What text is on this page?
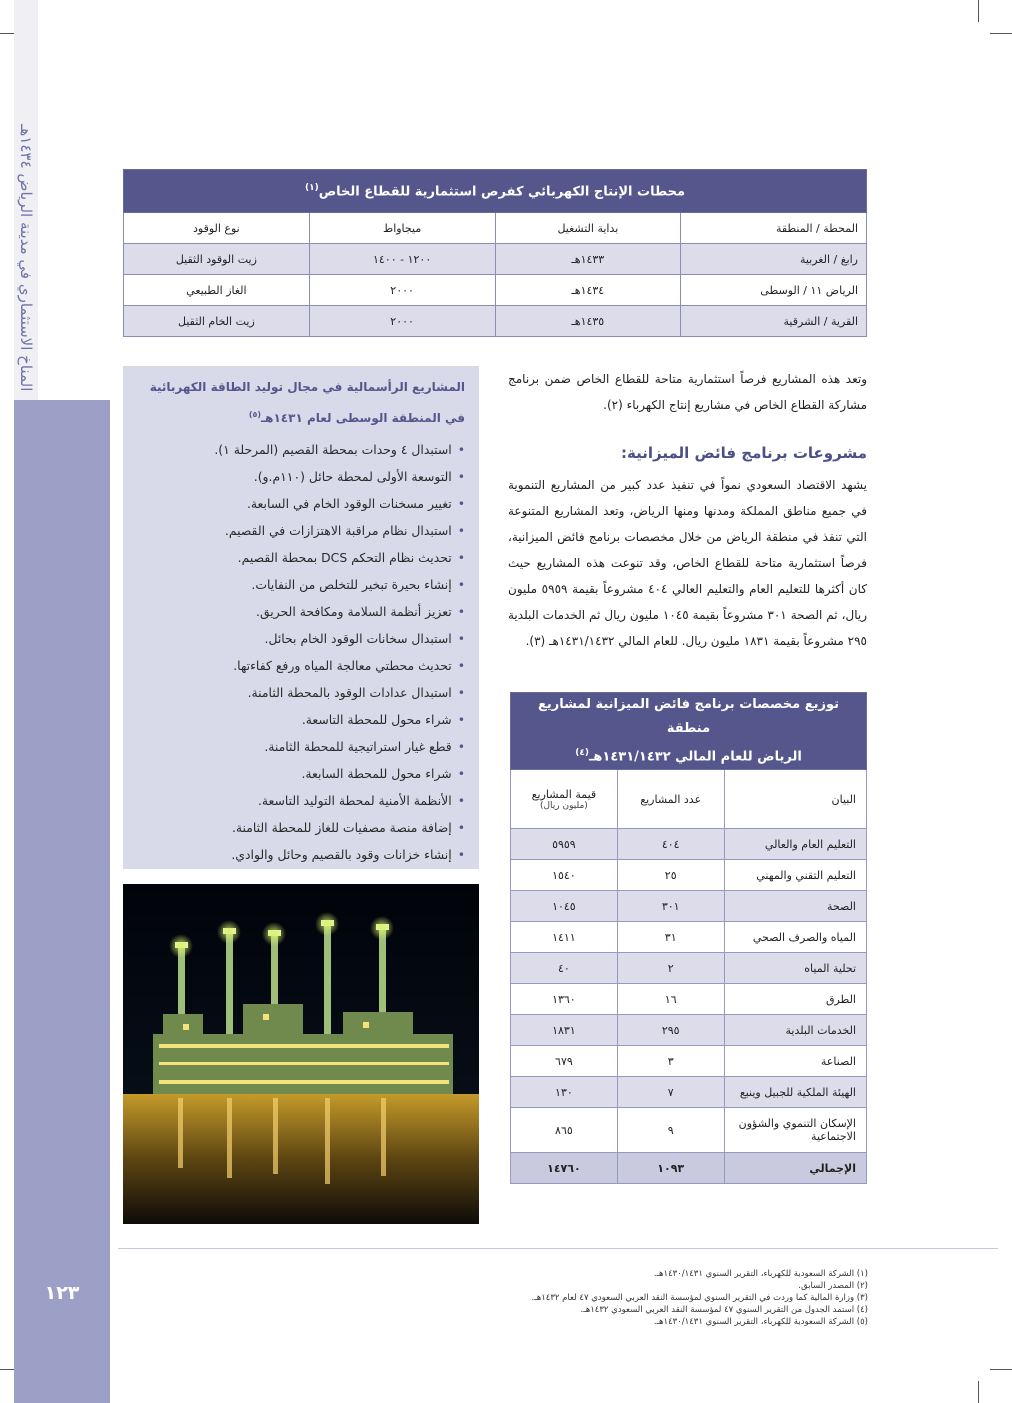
المناخ الاستثماري في مدينة الرياض ١٤٣٤هـ
١٢٣
محطات الإنتاج الكهربائي كفرص استثمارية للقطاع الخاص$^{(١)}$
المحطة / المنطقة	بداية التشغيل	ميجاواط	نوع الوقود
رابغ / الغربية	١٤٣٣هـ	١٢٠٠ - ١٤٠٠	زيت الوقود الثقيل
الرياض ١١ / الوسطى	١٤٣٤هـ	٢٠٠٠	الغاز الطبيعي
القرية / الشرقية	١٤٣٥هـ	٢٠٠٠	زيت الخام الثقيل
وتعد هذه المشاريع فرصاً استثمارية متاحة للقطاع الخاص ضمن برنامج مشاركة القطاع الخاص في مشاريع إنتاج الكهرباء (٢).
مشروعات برنامج فائض الميزانية:
يشهد الاقتصاد السعودي نمواً في تنفيذ عدد كبير من المشاريع التنموية في جميع مناطق المملكة ومدنها ومنها الرياض، وتعد المشاريع المتنوعة التي تنفذ في منطقة الرياض من خلال مخصصات برنامج فائض الميزانية، فرصاً استثمارية متاحة للقطاع الخاص، وقد تنوعت هذه المشاريع حيث كان أكثرها للتعليم العام والتعليم العالي ٤٠٤ مشروعاً بقيمة ٥٩٥٩ مليون ريال، ثم الصحة ٣٠١ مشروعاً بقيمة ١٠٤٥ مليون ريال ثم الخدمات البلدية ٢٩٥ مشروعاً بقيمة ١٨٣١ مليون ريال. للعام المالي ١٤٣١/١٤٣٢هـ (٣).
المشاريع الرأسمالية في مجال توليد الطاقة الكهربائية
في المنطقة الوسطى لعام ١٤٣١هـ$^{(٥)}$
•استبدال ٤ وحدات بمحطة القصيم (المرحلة ١).
•التوسعة الأولى لمحطة حائل (١١٠م.و).
•تغيير مسخنات الوقود الخام في السابعة.
•استبدال نظام مراقبة الاهتزازات في القصيم.
•تحديث نظام التحكم DCS بمحطة القصيم.
•إنشاء بحيرة تبخير للتخلص من النفايات.
•تعزيز أنظمة السلامة ومكافحة الحريق.
•استبدال سخانات الوقود الخام بحائل.
•تحديث محطتي معالجة المياه ورفع كفاءتها.
•استبدال عدادات الوقود بالمحطة الثامنة.
•شراء محول للمحطة التاسعة.
•قطع غيار استراتيجية للمحطة الثامنة.
•شراء محول للمحطة السابعة.
•الأنظمة الأمنية لمحطة التوليد التاسعة.
•إضافة منصة مصفيات للغاز للمحطة الثامنة.
•إنشاء خزانات وقود بالقصيم وحائل والوادي.
توزيع مخصصات برنامج فائض الميزانية لمشاريع منطقة
الرياض للعام المالي ١٤٣١/١٤٣٢هـ$^{(٤)}$

البيان	عدد المشاريع	قيمة المشاريع
(مليون ريال)

التعليم العام والعالي	٤٠٤	٥٩٥٩
التعليم التقني والمهني	٢٥	١٥٤٠
الصحة	٣٠١	١٠٤٥
المياه والصرف الصحي	٣١	١٤١١
تحلية المياه	٢	٤٠
الطرق	١٦	١٣٦٠
الخدمات البلدية	٢٩٥	١٨٣١
الصناعة	٣	٦٧٩
الهيئة الملكية للجبيل وينبع	٧	١٣٠
الإسكان التنموي والشؤون الاجتماعية	٩	٨٦٥
الإجمالي	١٠٩٣	١٤٧٦٠
(١) الشركة السعودية للكهرباء، التقرير السنوي ١٤٣٠/١٤٣١هـ.
(٢) المصدر السابق.
(٣) وزارة المالية كما وردت في التقرير السنوي لمؤسسة النقد العربي السعودي ٤٧ لعام ١٤٣٢هـ.
(٤) استمد الجدول من التقرير السنوي ٤٧ لمؤسسة النقد العربي السعودي ١٤٣٢هـ.
(٥) الشركة السعودية للكهرباء، التقرير السنوي ١٤٣٠/١٤٣١هـ.
